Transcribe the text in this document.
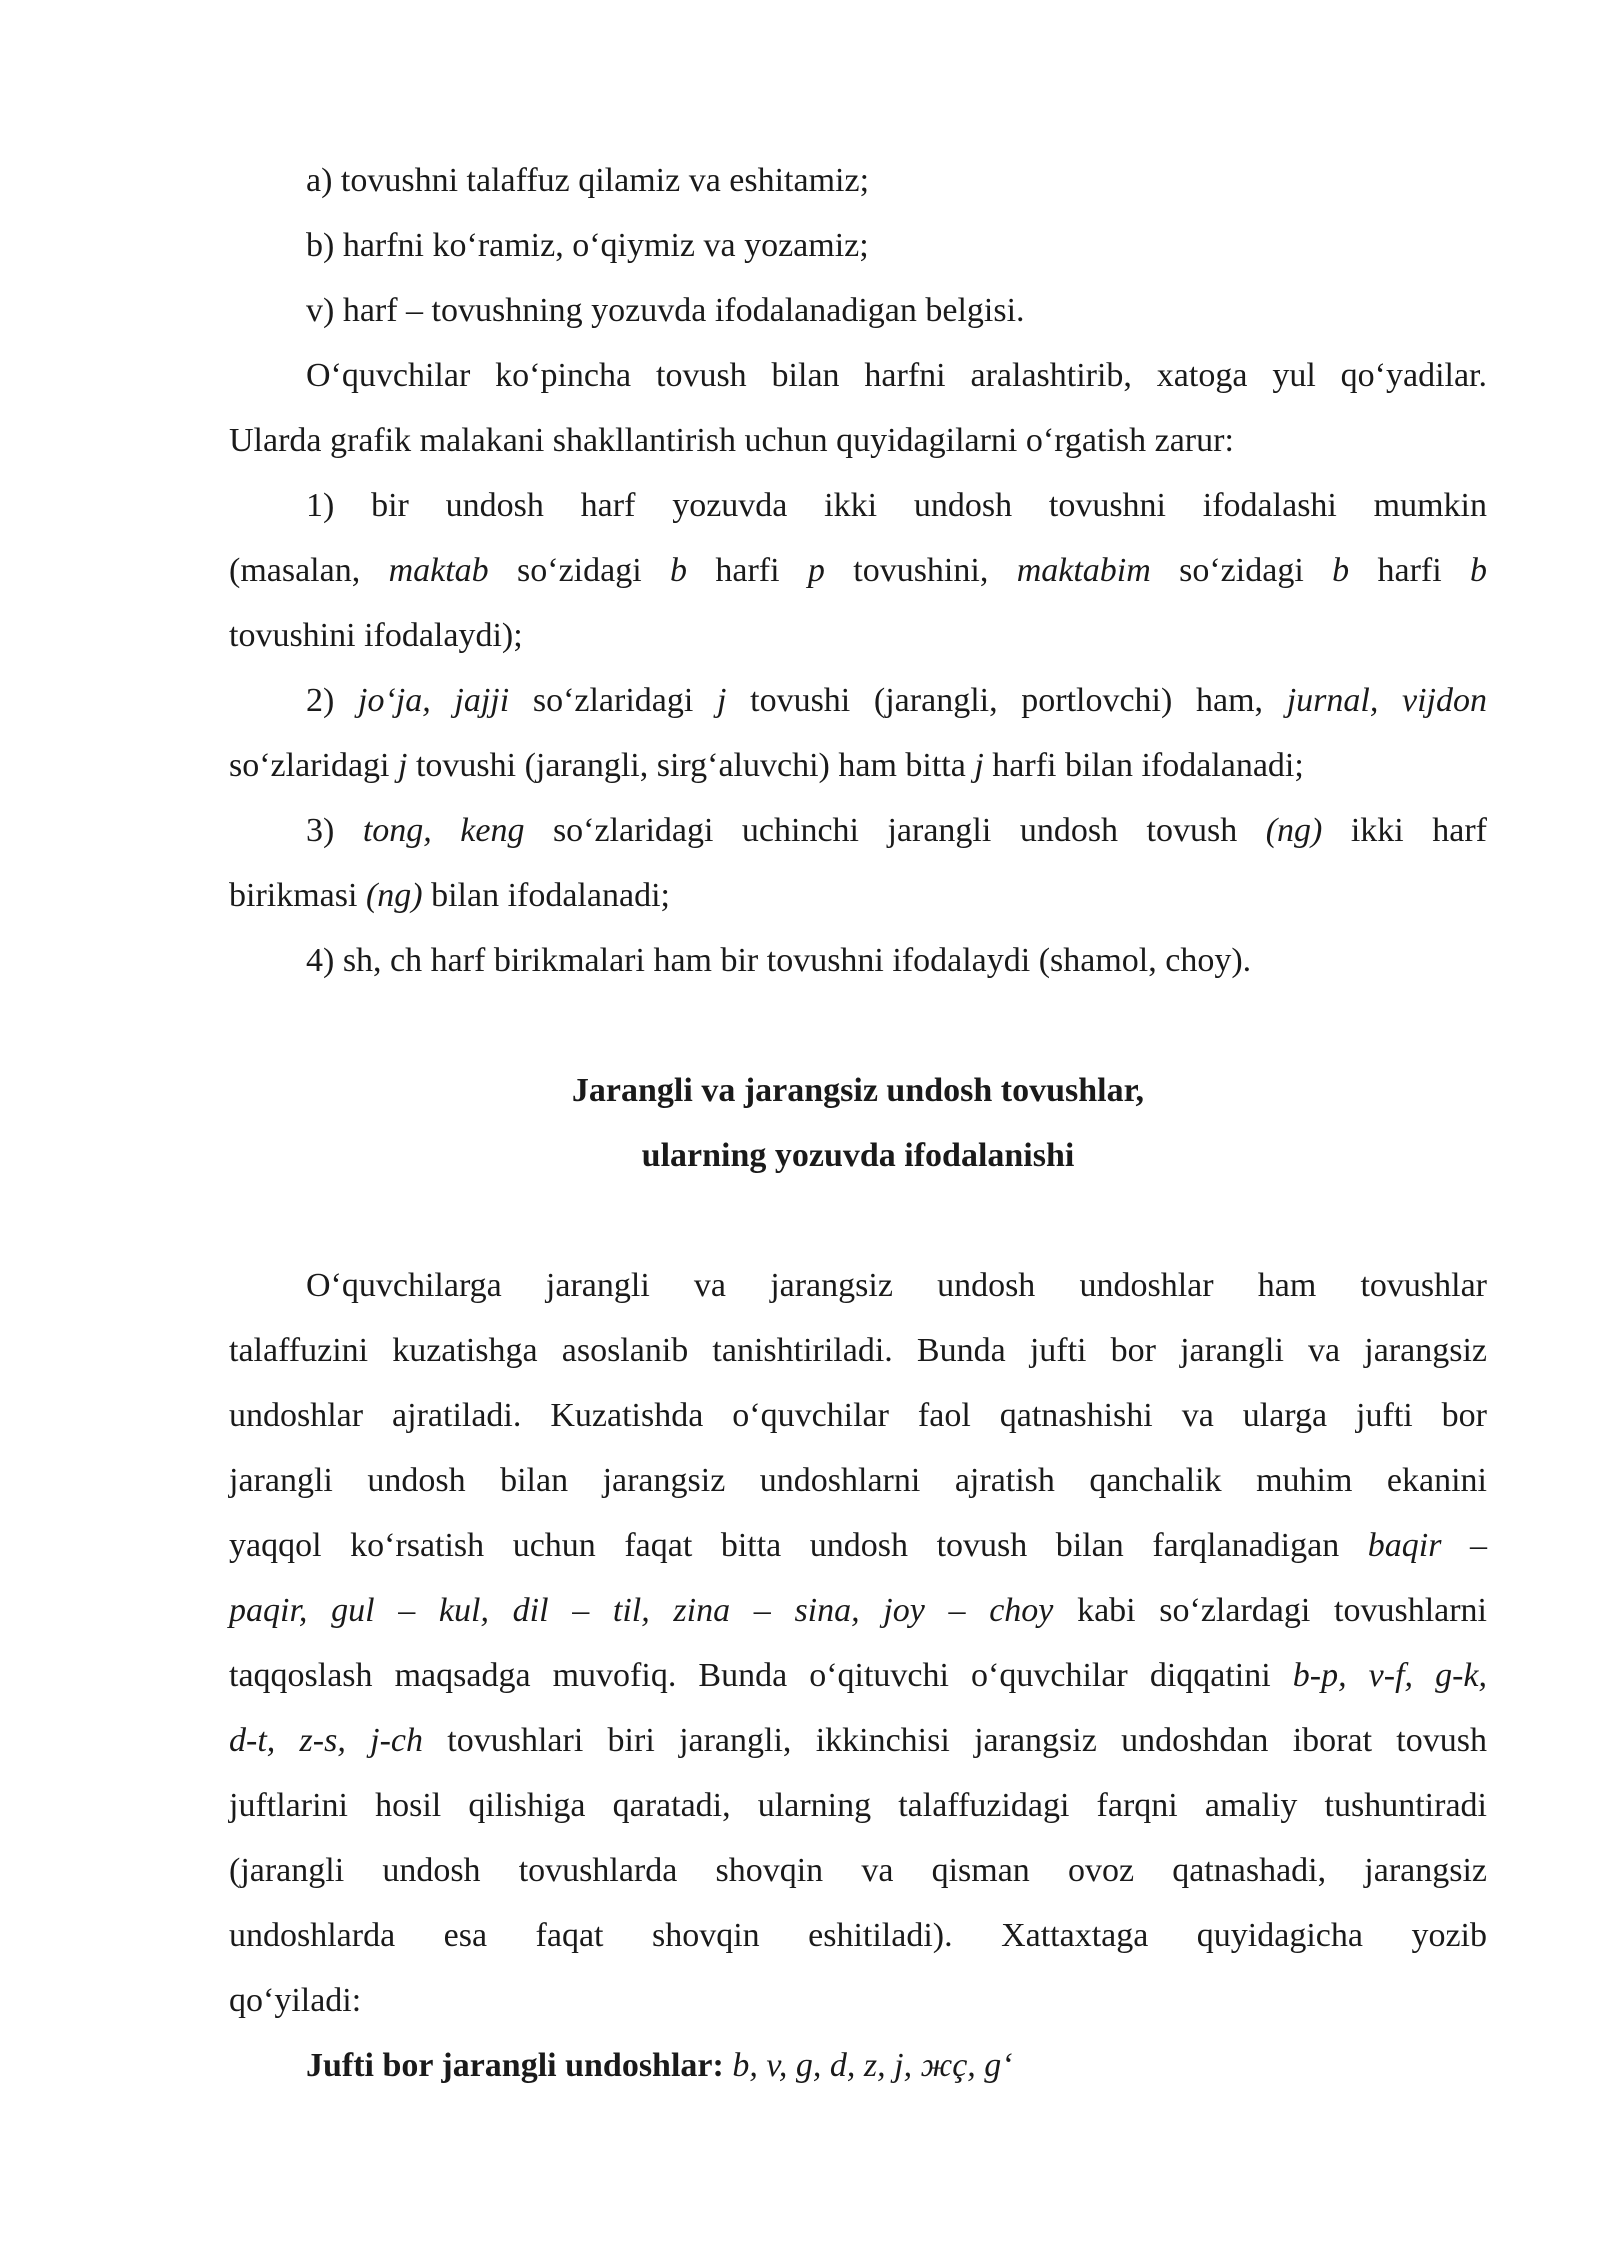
a) tovushni talaffuz qilamiz va eshitamiz;
b) harfni ko‘ramiz, o‘qiymiz va yozamiz;
v) harf – tovushning yozuvda ifodalanadigan belgisi.
O‘quvchilar ko‘pincha tovush bilan harfni aralashtirib, xatoga yul qo‘yadilar.
Ularda grafik malakani shakllantirish uchun quyidagilarni o‘rgatish zarur:
1) bir undosh harf yozuvda ikki undosh tovushni ifodalashi mumkin
(masalan, maktab so‘zidagi b harfi p tovushini, maktabim so‘zidagi b harfi b
tovushini ifodalaydi);
2) jo‘ja, jajji so‘zlaridagi j tovushi (jarangli, portlovchi) ham, jurnal, vijdon
so‘zlaridagi j tovushi (jarangli, sirg‘aluvchi) ham bitta j harfi bilan ifodalanadi;
3) tong, keng so‘zlaridagi uchinchi jarangli undosh tovush (ng) ikki harf
birikmasi (ng) bilan ifodalanadi;
4) sh, ch harf birikmalari ham bir tovushni ifodalaydi (shamol, choy).
Jarangli va jarangsiz undosh tovushlar,
ularning yozuvda ifodalanishi
O‘quvchilarga jarangli va jarangsiz undosh undoshlar ham tovushlar
talaffuzini kuzatishga asoslanib tanishtiriladi. Bunda jufti bor jarangli va jarangsiz
undoshlar ajratiladi. Kuzatishda o‘quvchilar faol qatnashishi va ularga jufti bor
jarangli undosh bilan jarangsiz undoshlarni ajratish qanchalik muhim ekanini
yaqqol ko‘rsatish uchun faqat bitta undosh tovush bilan farqlanadigan baqir –
paqir, gul – kul, dil – til, zina – sina, joy – choy kabi so‘zlardagi tovushlarni
taqqoslash maqsadga muvofiq. Bunda o‘qituvchi o‘quvchilar diqqatini b-p, v-f, g-k,
d-t, z-s, j-ch tovushlari biri jarangli, ikkinchisi jarangsiz undoshdan iborat tovush
juftlarini hosil qilishiga qaratadi, ularning talaffuzidagi farqni amaliy tushuntiradi
(jarangli undosh tovushlarda shovqin va qisman ovoz qatnashadi, jarangsiz
undoshlarda esa faqat shovqin eshitiladi). Xattaxtaga quyidagicha yozib
qo‘yiladi:
Jufti bor jarangli undoshlar: b, v, g, d, z, j, жç, g‘
